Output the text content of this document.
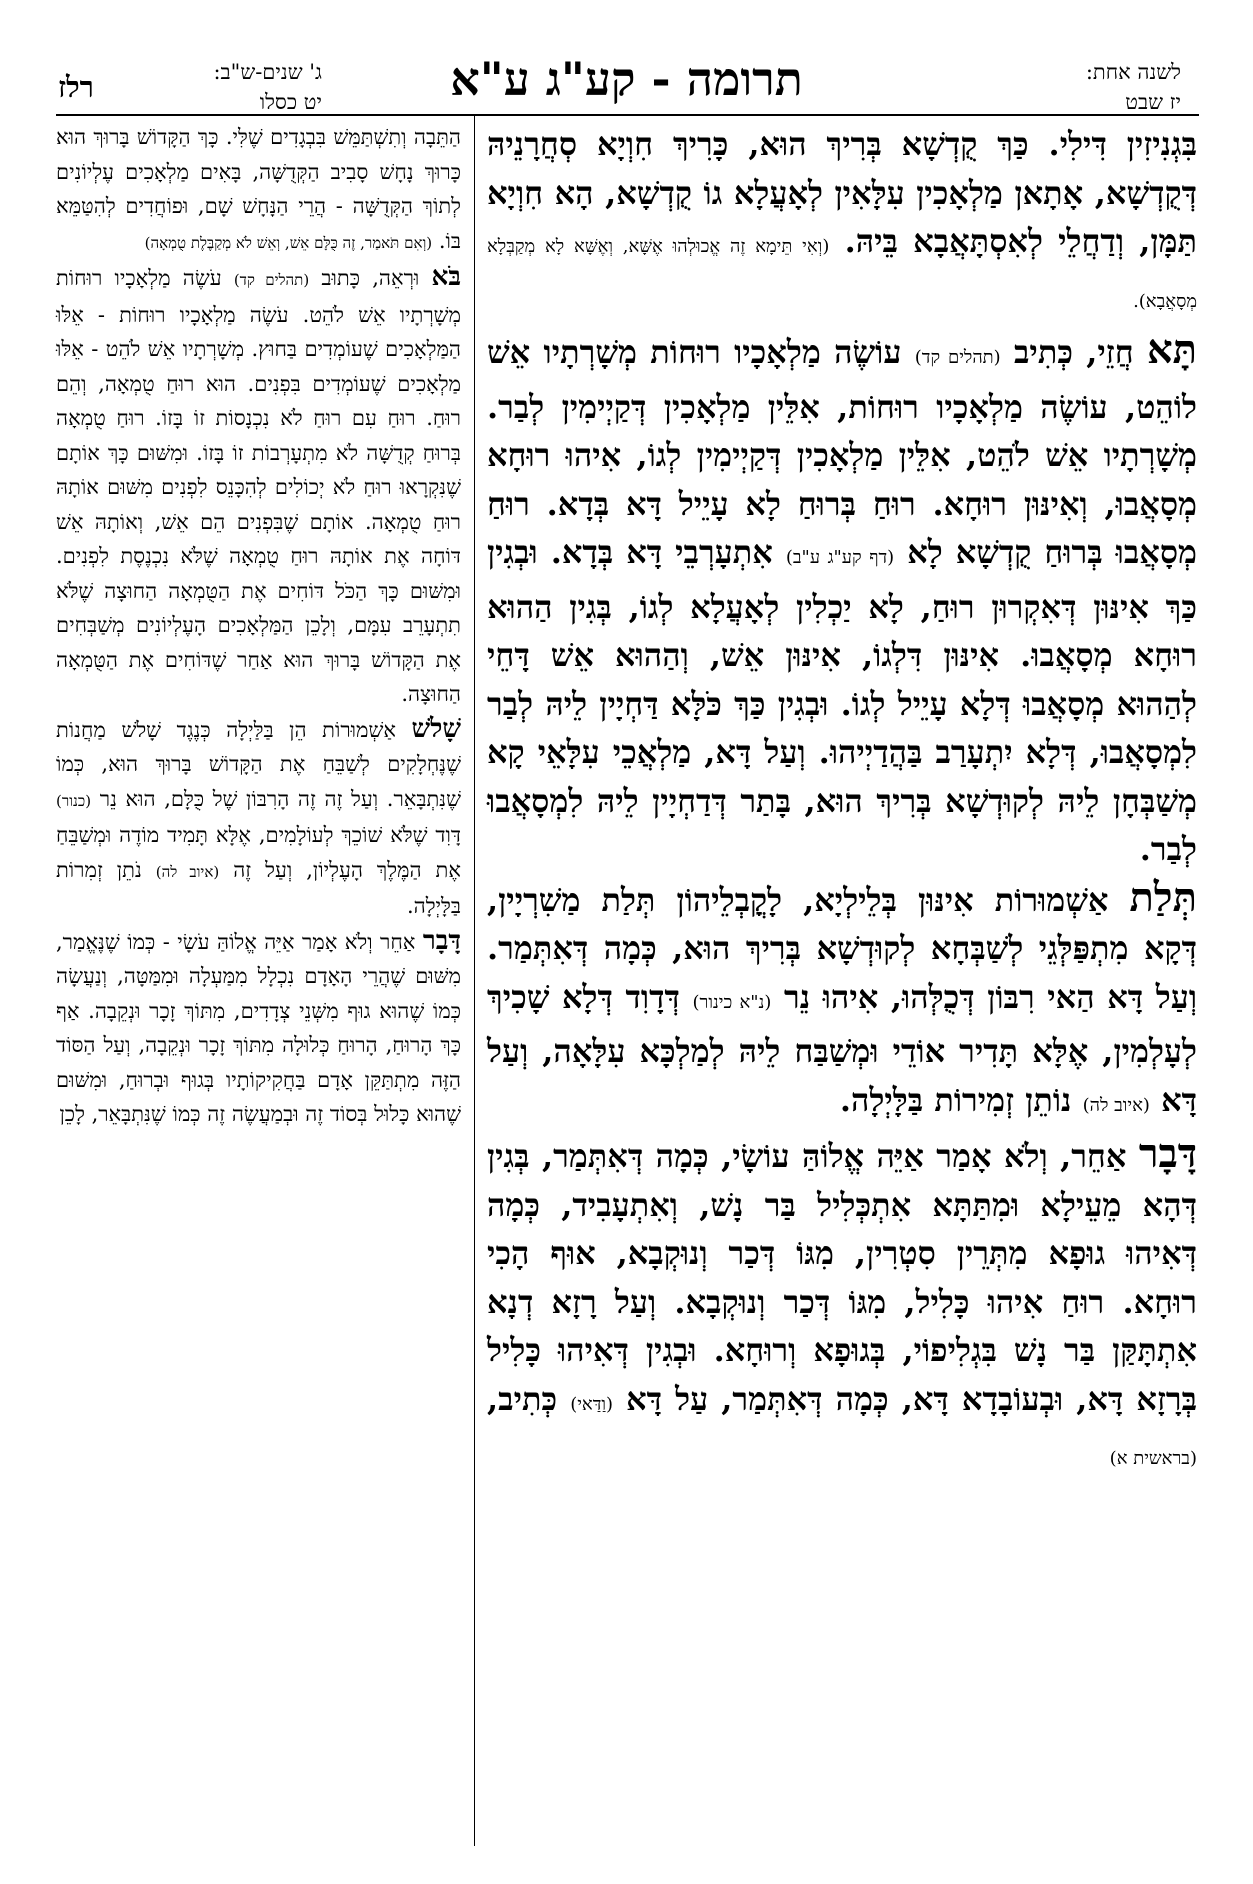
תרומה - קע"ג ע"א	לשנה אחת:
יז שבט
ג' שנים-ש"ב:
יט כסלו
רלז

בִּגְנִיזִין דִּילִי. כַּךְ קֻדְשָׁא בְּרִיךְ הוּא, כָּרִיךְ חִוְיָא סְחֲרָנֵיהּ דְּקֻדְשָׁא, אָתָאן מַלְאָכִין עִלָּאִין לְאָעֲלָא גוֹ קֻדְשָׁא, הָא חִוְיָא תַּמָּן, וְדַחֲלֵי לְאִסְתָּאֲבָא בֵּיהּ. (וְאִי תֵּימָא זֶה אֱכוּלְהוּ אֶשָּׁא, וְאֶשָּׁא לָא מְקַבְּלָא מְסָאֲבָא).

תָּא חֲזֵי, כְּתִיב (תהלים קד) עוֹשֶׂה מַלְאָכָיו רוּחוֹת מְשָׁרְתָיו אֵשׁ לוֹהֵט, עוֹשֶׂה מַלְאָכָיו רוּחוֹת, אִלֵּין מַלְאָכִין דְּקַיְימִין לְבַר. מְשָׁרְתָיו אֵשׁ לֹהֵט, אִלֵּין מַלְאָכִין דְּקַיְימִין לְגוֹ, אִיהוּ רוּחָא מְסָאֲבוּ, וְאִינּוּן רוּחָא. רוּחַ בְּרוּחַ לָא עָיֵיל דָּא בְּדָא. רוּחַ מְסָאֲבוּ בְּרוּחַ קֻדְשָׁא לָא (דף קע"ג ע"ב) אִתְעָרְבֵי דָּא בְּדָא. וּבְגִין כַּךְ אִינּוּן דְּאִקְרוּן רוּחַ, לָא יַכְלִין לְאָעֲלָא לְגוֹ, בְּגִין הַהוּא רוּחָא מְסָאֲבוּ. אִינּוּן דִּלְגוֹ, אִינּוּן אֵשׁ, וְהַהוּא אֵשׁ דָּחֵי לְהַהוּא מְסָאֲבוּ דְּלָא עָיֵיל לְגוֹ. וּבְגִין כַּךְ כֹּלָּא דַּחְיָין לֵיהּ לְבַר לִמְסָאֲבוּ, דְּלָא יִתְעָרַב בַּהֲדַיְיהוּ. וְעַל דָּא, מַלְאֲכֵי עִלָּאֵי קָא מְשַׁבְּחָן לֵיהּ לְקוּדְשָׁא בְּרִיךְ הוּא, בָּתַר דְּדַחְיָין לֵיהּ לִמְסָאֲבוּ לְבַר.

תְּלַת אַשְׁמוּרוֹת אִינּוּן בְּלֵילְיָא, לָקֳבְלֵיהוֹן תְּלַת מַשִׁרְיָין, דְּקָא מִתְפַּלְּגֵי לְשַׁבְּחָא לְקוּדְשָׁא בְּרִיךְ הוּא, כְּמָה דְּאִתְּמַר. וְעַל דָּא הַאי רִבּוֹן דְּכֻלְּהוּ, אִיהוּ נֵר (נ"א כינור) דְּדָוִד דְּלָא שָׁכִיךְ לְעָלְמִין, אֶלָּא תָּדִיר אוֹדֵי וּמְשַׁבַּח לֵיהּ לְמַלְכָּא עִלָּאָה, וְעַל דָּא (איוב לה) נוֹתֵן זְמִירוֹת בַּלָּיְלָה.

דָּבָר אַחֵר, וְלֹא אָמַר אַיֵּה אֱלוֹהַּ עוֹשָׂי, כְּמָה דְּאִתְּמַר, בְּגִין דְּהָא מֵעֵילָא וּמִתַּתָּא אִתְכְּלִיל בַּר נָשׁ, וְאִתְעָבִיד, כְּמָה דְּאִיהוּ גוּפָא מִתְּרֵין סִטְרִין, מִגּוֹ דְּכַר וְנוּקְבָא, אוּף הָכִי רוּחָא. רוּחַ אִיהוּ כָּלִיל, מִגּוֹ דְּכַר וְנוּקְבָא. וְעַל רָזָא דְנָא אִתְתָּקַּן בַּר נָשׁ בִּגְלִיפוֹי, בְּגוּפָא וְרוּחָא. וּבְגִין דְּאִיהוּ כָּלִיל בְּרָזָא דָּא, וּבְעוֹבָדָא דָּא, כְּמָה דְּאִתְּמַר, עַל דָּא (וַדַּאי) כְּתִיב, (בראשית א)

הַתֵּבָה וְתִשְׁתַּמֵּשׁ בִּבְגָדִים שֶׁלִּי. כָּךְ הַקָּדוֹשׁ בָּרוּךְ הוּא כָּרוּךְ נָחָשׁ סָבִיב הַקְּדֻשָּׁה, בָּאִים מַלְאָכִים עֶלְיוֹנִים לְתוֹךְ הַקְּדֻשָּׁה - הֲרֵי הַנָּחָשׁ שָׁם, וּפוֹחֲדִים לְהִטַּמֵּא בּוֹ. (וְאִם תֹּאמַר, זֶה כֻּלָּם אֵשׁ, וְאֵשׁ לֹא מְקַבֶּלֶת טֻמְאָה)

בֹּא וּרְאֵה, כָּתוּב (תהלים קד) עֹשֶׂה מַלְאָכָיו רוּחוֹת מְשָׁרְתָיו אֵשׁ לֹהֵט. עֹשֶׂה מַלְאָכָיו רוּחוֹת - אֵלּוּ הַמַּלְאָכִים שֶׁעוֹמְדִים בַּחוּץ. מְשָׁרְתָיו אֵשׁ לֹהֵט - אֵלּוּ מַלְאָכִים שֶׁעוֹמְדִים בִּפְנִים. הוּא רוּחַ טֻמְאָה, וְהֵם רוּחַ. רוּחַ עִם רוּחַ לֹא נִכְנָסוֹת זוֹ בָּזוֹ. רוּחַ טֻמְאָה בְּרוּחַ קְדֻשָּׁה לֹא מִתְעָרְבוֹת זוֹ בָּזוֹ. וּמִשּׁוּם כָּךְ אוֹתָם שֶׁנִּקְרָאוּ רוּחַ לֹא יְכוֹלִים לְהִכָּנֵס לִפְנִים מִשּׁוּם אוֹתָהּ רוּחַ טֻמְאָה. אוֹתָם שֶׁבִּפְנִים הֵם אֵשׁ, וְאוֹתָהּ אֵשׁ דּוֹחָה אֶת אוֹתָהּ רוּחַ טֻמְאָה שֶׁלֹּא נִכְנֶסֶת לִפְנִים. וּמִשּׁוּם כָּךְ הַכֹּל דּוֹחִים אֶת הַטֻּמְאָה הַחוּצָה שֶׁלֹּא תִתְעָרֵב עִמָּם, וְלָכֵן הַמַּלְאָכִים הָעֶלְיוֹנִים מְשַׁבְּחִים אֶת הַקָּדוֹשׁ בָּרוּךְ הוּא אַחַר שֶׁדּוֹחִים אֶת הַטֻּמְאָה הַחוּצָה.

שָׁלֹשׁ אַשְׁמוּרוֹת הֵן בַּלַּיְלָה כְּנֶגֶד שָׁלֹשׁ מַחֲנוֹת שֶׁנֶּחְלָקִים לְשַׁבֵּחַ אֶת הַקָּדוֹשׁ בָּרוּךְ הוּא, כְּמוֹ שֶׁנִּתְבָּאֵר. וְעַל זֶה זֶה הָרִבּוֹן שֶׁל כֻּלָּם, הוּא נֵר (כנור) דָּוִד שֶׁלֹּא שׁוֹכֵךְ לְעוֹלָמִים, אֶלָּא תָּמִיד מוֹדֶה וּמְשַׁבֵּחַ אֶת הַמֶּלֶךְ הָעֶלְיוֹן, וְעַל זֶה (איוב לה) נֹתֵן זְמִרוֹת בַּלָּיְלָה.

דָּבָר אַחֵר וְלֹא אָמַר אַיֵּה אֱלוֹהַּ עֹשָׂי - כְּמוֹ שֶׁנֶּאֱמַר, מִשּׁוּם שֶׁהֲרֵי הָאָדָם נִכְלָל מִמַּעְלָה וּמִמַּטָּה, וְנַעֲשָׂה כְּמוֹ שֶׁהוּא גוּף מִשְּׁנֵי צְדָדִים, מִתּוֹךְ זָכָר וּנְקֵבָה. אַף כָּךְ הָרוּחַ, הָרוּחַ כְּלוּלָה מִתּוֹךְ זָכָר וּנְקֵבָה, וְעַל הַסּוֹד הַזֶּה מִתְתַּקֵּן אָדָם בַּחֲקִיקוֹתָיו בְּגוּף וּבְרוּחַ, וּמִשּׁוּם שֶׁהוּא כָּלוּל בְּסוֹד זֶה וּבְמַעֲשֶׂה זֶה כְּמוֹ שֶׁנִּתְבָּאֵר, לָכֵן
